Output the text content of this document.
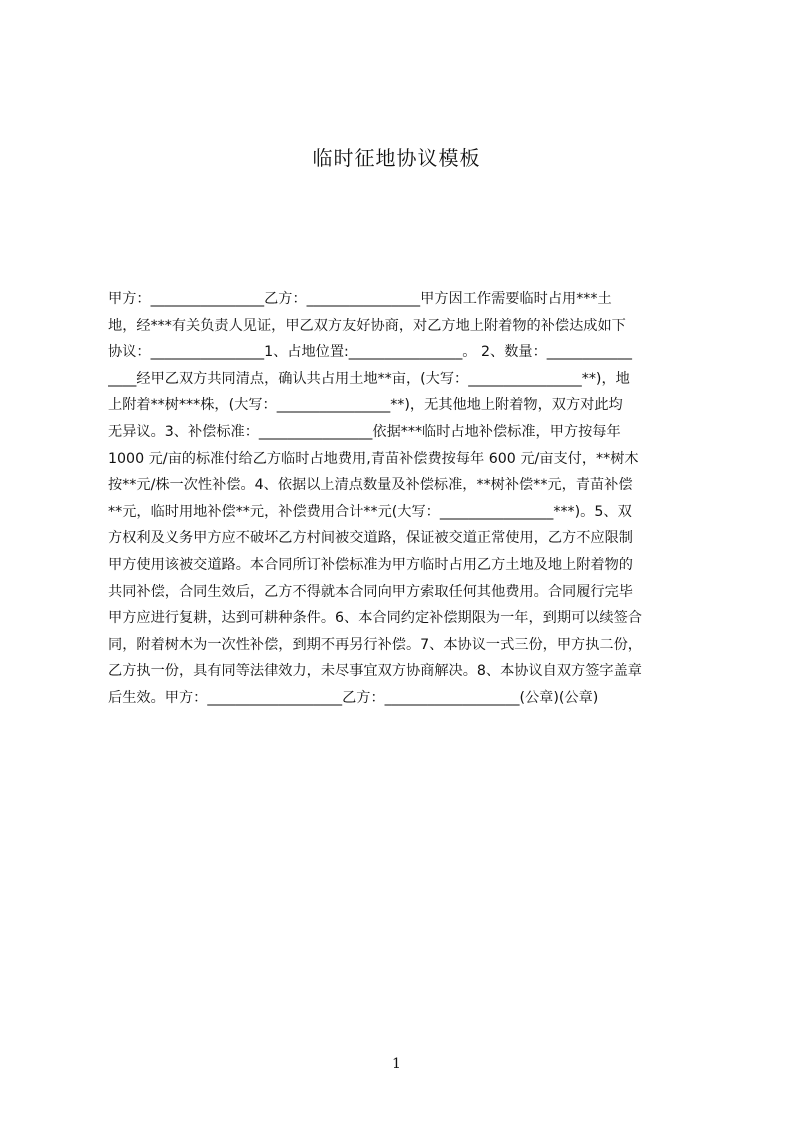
临时征地协议模板
甲方：________________乙方：________________甲方因工作需要临时占用***土
地，经***有关负责人见证，甲乙双方友好协商，对乙方地上附着物的补偿达成如下
协议：________________1、占地位置:________________。 2、数量：____________
____经甲乙双方共同清点，确认共占用土地**亩，(大写：________________**)，地
上附着**树***株，(大写：________________**)，无其他地上附着物，双方对此均
无异议。3、补偿标准：________________依据***临时占地补偿标准，甲方按每年
1000 元/亩的标准付给乙方临时占地费用,青苗补偿费按每年 600 元/亩支付，**树木
按**元/株一次性补偿。4、依据以上清点数量及补偿标准，**树补偿**元，青苗补偿
**元，临时用地补偿**元，补偿费用合计**元(大写：________________***)。5、双
方权利及义务甲方应不破坏乙方村间被交道路，保证被交道正常使用，乙方不应限制
甲方使用该被交道路。本合同所订补偿标准为甲方临时占用乙方土地及地上附着物的
共同补偿，合同生效后，乙方不得就本合同向甲方索取任何其他费用。合同履行完毕
甲方应进行复耕，达到可耕种条件。6、本合同约定补偿期限为一年，到期可以续签合
同，附着树木为一次性补偿，到期不再另行补偿。7、本协议一式三份，甲方执二份，
乙方执一份，具有同等法律效力，未尽事宜双方协商解决。8、本协议自双方签字盖章
后生效。甲方：___________________乙方：___________________(公章)(公章)
1
